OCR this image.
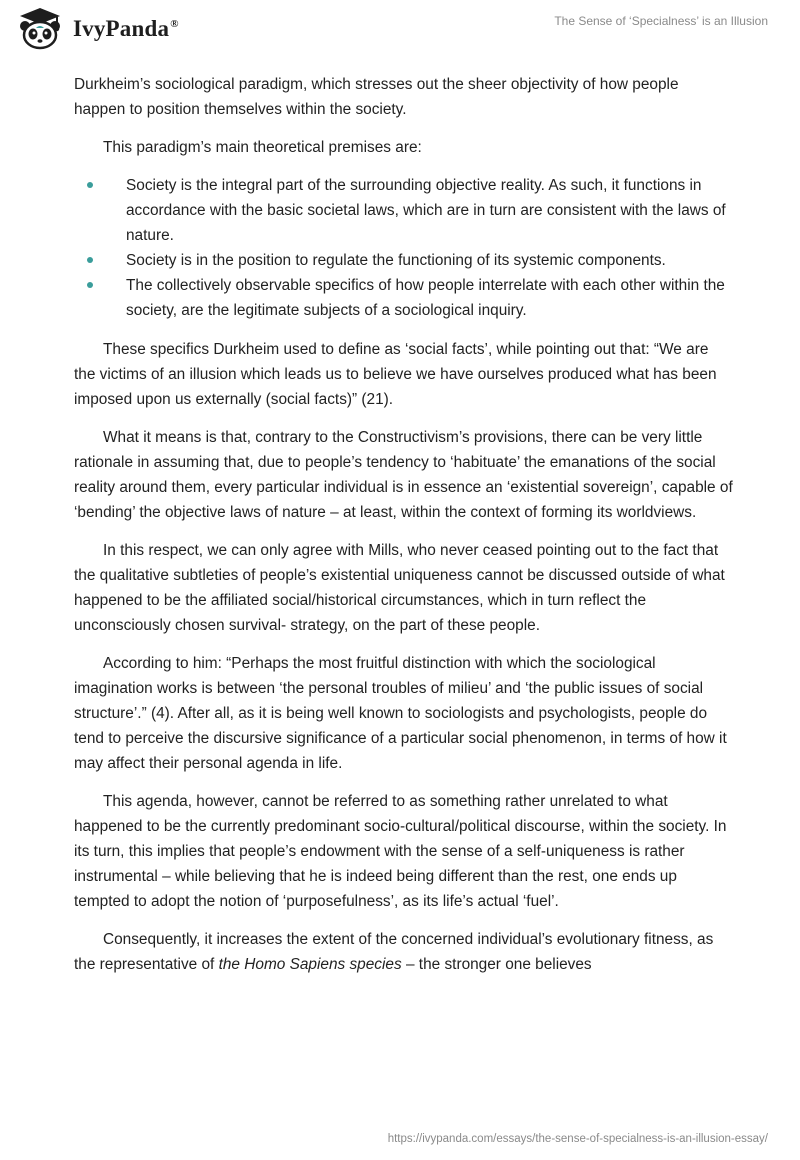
IvyPanda®	The Sense of ‘Specialness’ is an Illusion

Durkheim’s sociological paradigm, which stresses out the sheer objectivity of how people happen to position themselves within the society.

This paradigm’s main theoretical premises are:

Society is the integral part of the surrounding objective reality. As such, it functions in accordance with the basic societal laws, which are in turn are consistent with the laws of nature.
Society is in the position to regulate the functioning of its systemic components.
The collectively observable specifics of how people interrelate with each other within the society, are the legitimate subjects of a sociological inquiry.

These specifics Durkheim used to define as ‘social facts’, while pointing out that: “We are the victims of an illusion which leads us to believe we have ourselves produced what has been imposed upon us externally (social facts)” (21).

What it means is that, contrary to the Constructivism’s provisions, there can be very little rationale in assuming that, due to people’s tendency to ‘habituate’ the emanations of the social reality around them, every particular individual is in essence an ‘existential sovereign’, capable of ‘bending’ the objective laws of nature – at least, within the context of forming its worldviews.

In this respect, we can only agree with Mills, who never ceased pointing out to the fact that the qualitative subtleties of people’s existential uniqueness cannot be discussed outside of what happened to be the affiliated social/historical circumstances, which in turn reflect the unconsciously chosen survival- strategy, on the part of these people.

According to him: “Perhaps the most fruitful distinction with which the sociological imagination works is between ‘the personal troubles of milieu’ and ‘the public issues of social structure’.” (4). After all, as it is being well known to sociologists and psychologists, people do tend to perceive the discursive significance of a particular social phenomenon, in terms of how it may affect their personal agenda in life.

This agenda, however, cannot be referred to as something rather unrelated to what happened to be the currently predominant socio-cultural/political discourse, within the society. In its turn, this implies that people’s endowment with the sense of a self-uniqueness is rather instrumental – while believing that he is indeed being different than the rest, one ends up tempted to adopt the notion of ‘purposefulness’, as its life’s actual ‘fuel’.

Consequently, it increases the extent of the concerned individual’s evolutionary fitness, as the representative of the Homo Sapiens species – the stronger one believes

https://ivypanda.com/essays/the-sense-of-specialness-is-an-illusion-essay/
